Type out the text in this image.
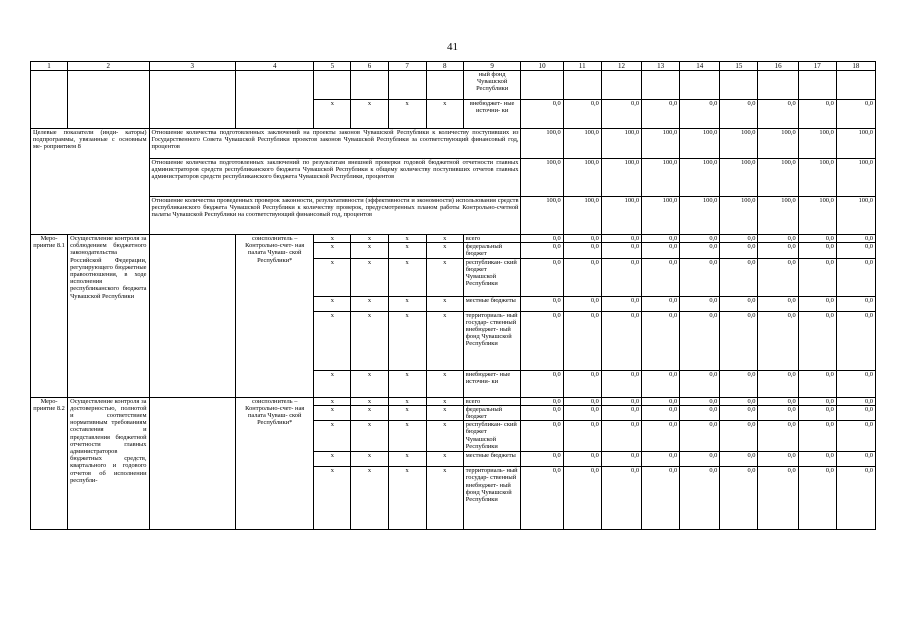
41
1	2	3	4	5	6	7	8	9	10	11	12	13	14	15	16	17	18
								ный фонд Чувашской Республики									
				х	х	х	х	внебюджет- ные источни- ки	0,0	0,0	0,0	0,0	0,0	0,0	0,0	0,0	0,0
Целевые показатели (инди- каторы) подпрограммы, увязанные с основным ме- роприятием 8		Отношение количества подготовленных заключений на проекты законов Чувашской Республики к количеству поступивших из Государственного Совета Чувашской Республики проектов законов Чувашской Республики за соответствующий финансовый год, процентов							100,0	100,0	100,0	100,0	100,0	100,0	100,0	100,0	100,0
		Отношение количества подготовленных заключений по результатам внешней проверки годовой бюджетной отчетности главных администраторов средств республиканского бюджета Чувашской Республики к общему количеству поступивших отчетов главных администраторов средств республиканского бюджета Чувашской Республики, процентов							100,0	100,0	100,0	100,0	100,0	100,0	100,0	100,0	100,0
		Отношение количества проведенных проверок законности, результативности (эффективности и экономности) использования средств республиканского бюджета Чувашской Республики к количеству проверок, предусмотренных планом работы Контрольно-счетной палаты Чувашской Республики на соответствующий финансовый год, процентов							100,0	100,0	100,0	100,0	100,0	100,0	100,0	100,0	100,0
Меро- приятие 8.1	Осуществление контроля за соблюдением бюджетного законодательства Российской Федерации, регулирующего бюджетные правоотношения, в ходе исполнения республиканского бюджета Чувашской Республики		соисполнитель – Контрольно-счет- ная палата Чуваш- ской Республики*	х	х	х	х	всего	0,0	0,0	0,0	0,0	0,0	0,0	0,0	0,0	0,0
				х	х	х	х	федеральный бюджет	0,0	0,0	0,0	0,0	0,0	0,0	0,0	0,0	0,0
				х	х	х	х	республикан- ский бюджет Чувашской Республики	0,0	0,0	0,0	0,0	0,0	0,0	0,0	0,0	0,0
				х	х	х	х	местные бюджеты	0,0	0,0	0,0	0,0	0,0	0,0	0,0	0,0	0,0
				х	х	х	х	территориаль- ный государ- ственный внебюджет- ный фонд Чувашской Республики	0,0	0,0	0,0	0,0	0,0	0,0	0,0	0,0	0,0
				х	х	х	х	внебюджет- ные источни- ки	0,0	0,0	0,0	0,0	0,0	0,0	0,0	0,0	0,0
Меро- приятие 8.2	Осуществление контроля за достоверностью, полнотой и соответствием нормативным требованиям составления и представления бюджетной отчетности главных администраторов бюджетных средств, квартального и годового отчетов об исполнении республи-		соисполнитель – Контрольно-счет- ная палата Чуваш- ской Республики*	х	х	х	х	всего	0,0	0,0	0,0	0,0	0,0	0,0	0,0	0,0	0,0
				х	х	х	х	федеральный бюджет	0,0	0,0	0,0	0,0	0,0	0,0	0,0	0,0	0,0
				х	х	х	х	республикан- ский бюджет Чувашской Республики	0,0	0,0	0,0	0,0	0,0	0,0	0,0	0,0	0,0
				х	х	х	х	местные бюджеты	0,0	0,0	0,0	0,0	0,0	0,0	0,0	0,0	0,0
				х	х	х	х	территориаль- ный государ- ственный внебюджет- ный фонд Чувашской Республики	0,0	0,0	0,0	0,0	0,0	0,0	0,0	0,0	0,0
